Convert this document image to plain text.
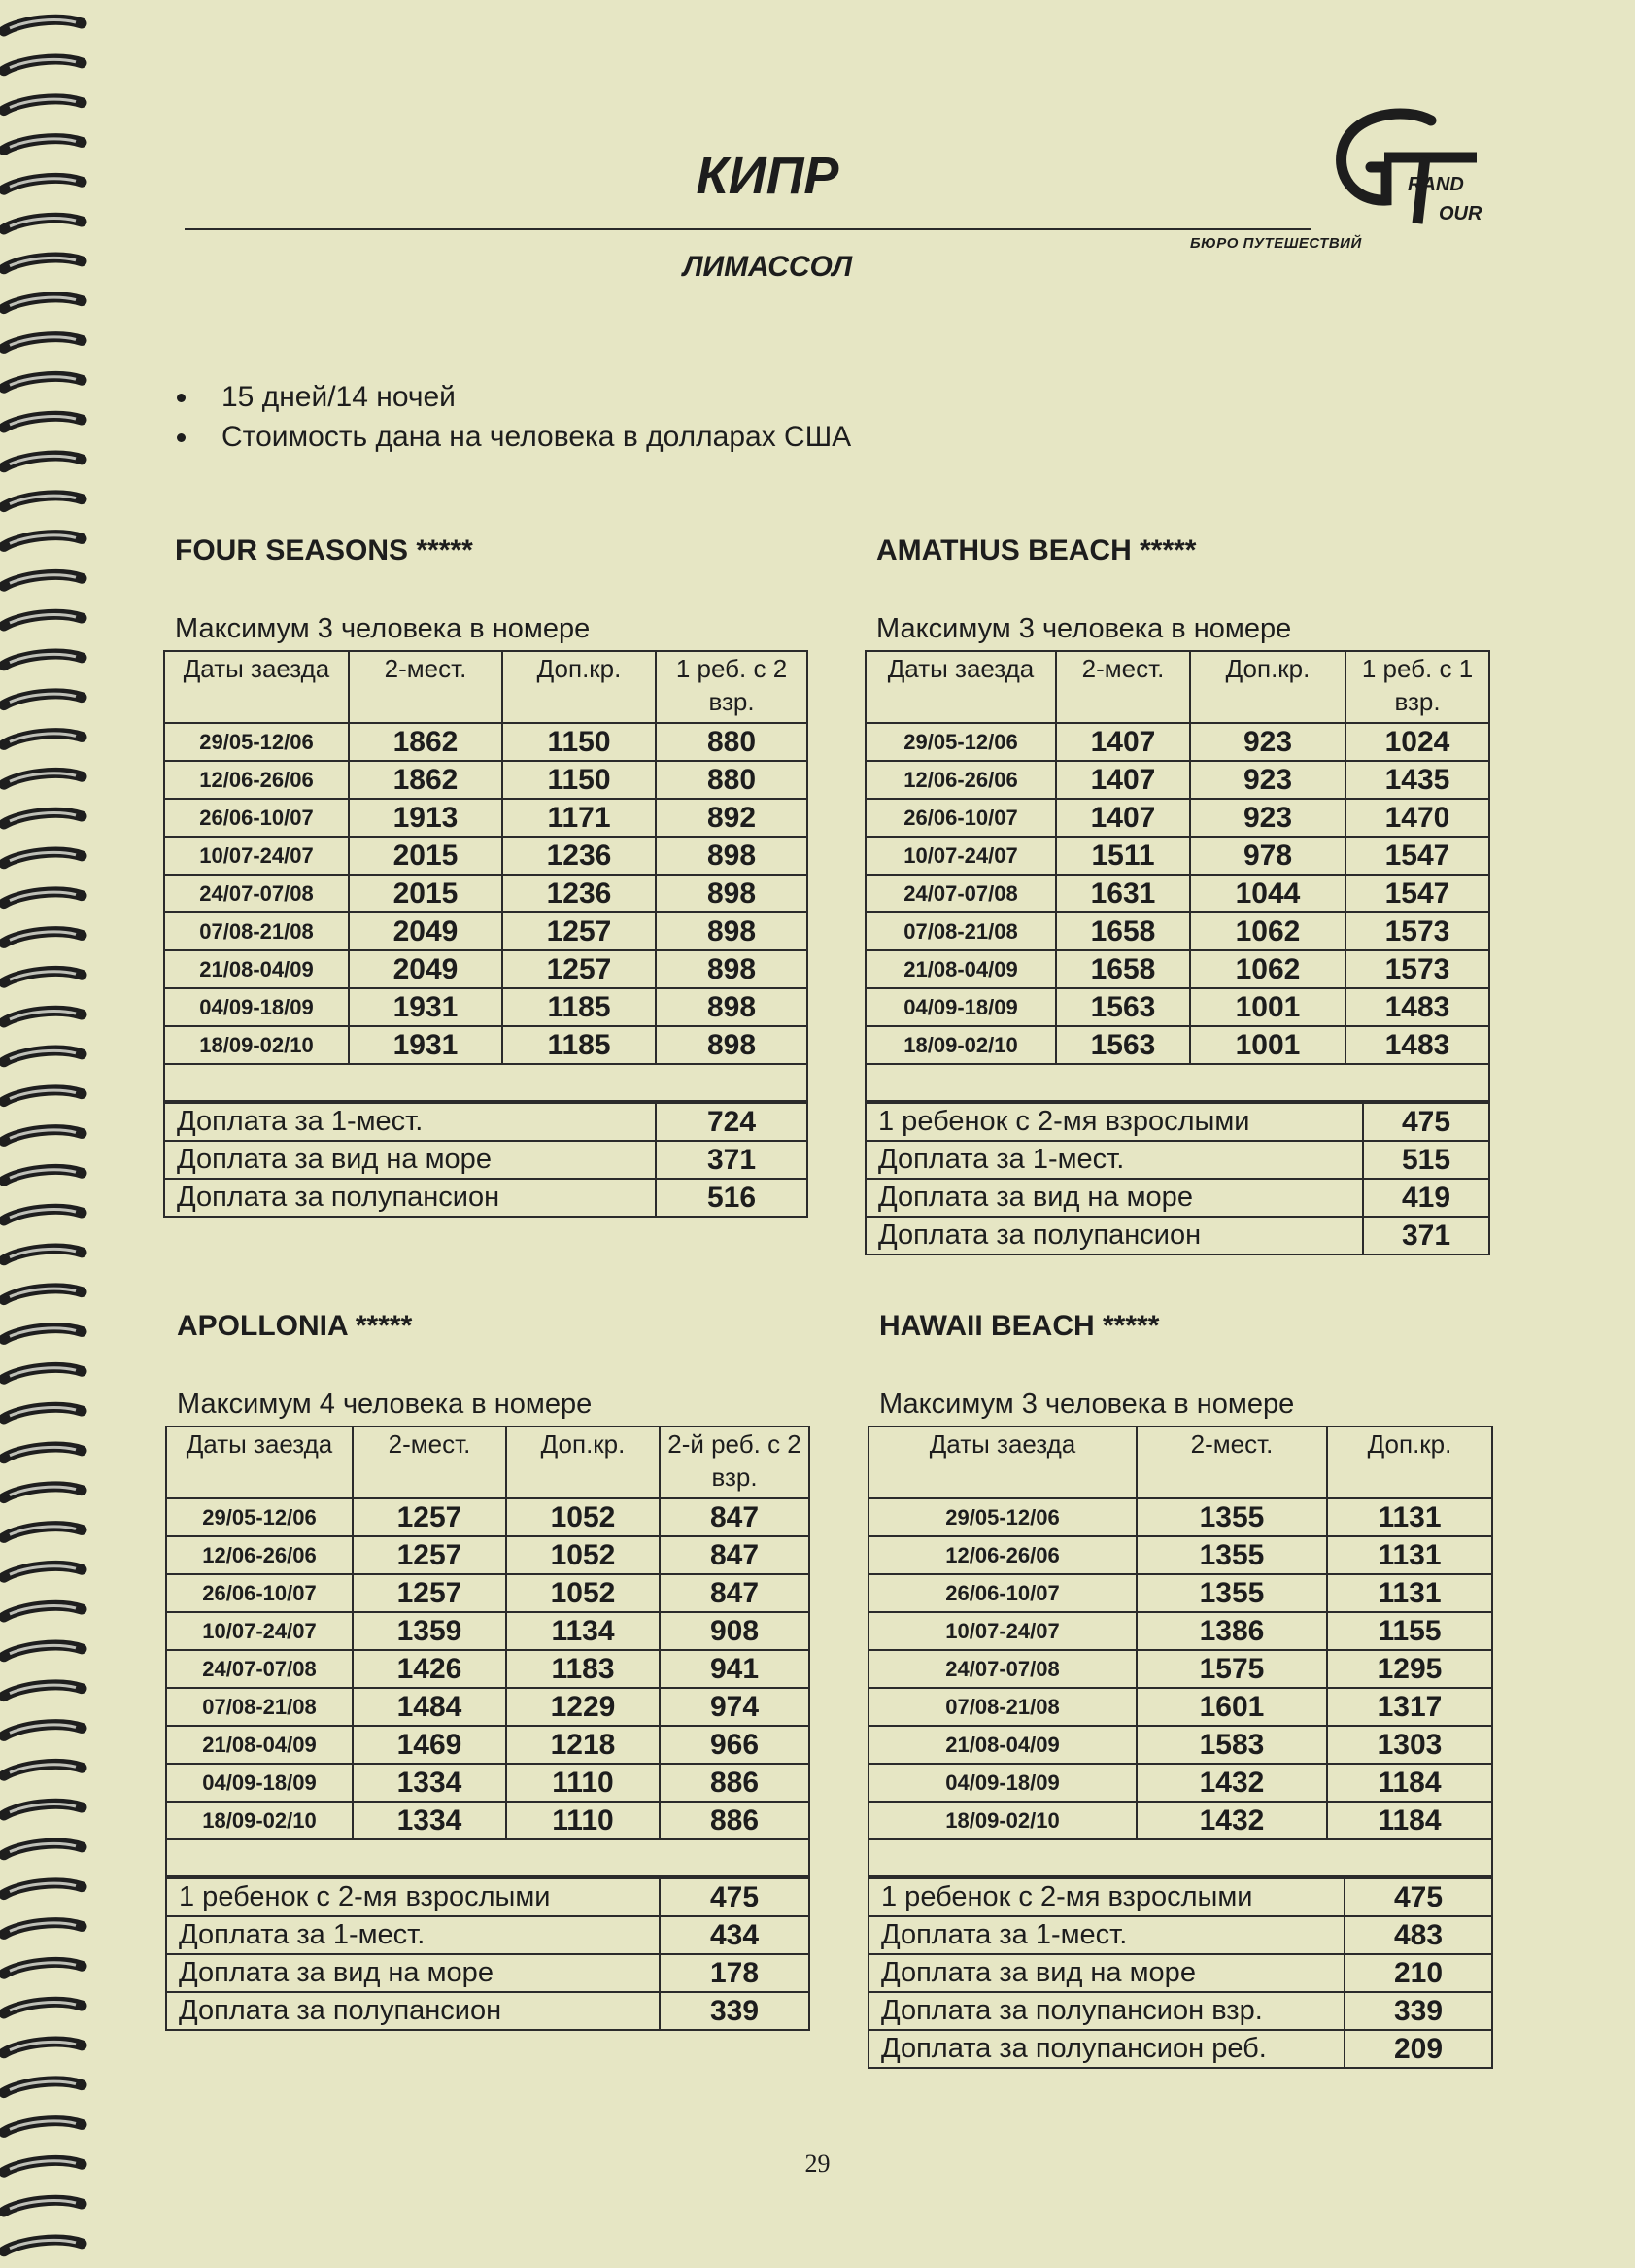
КИПР
ЛИМАССОЛ
RAND
OUR
БЮРО ПУТЕШЕСТВИЙ
15 дней/14 ночей
Стоимость дана на человека в долларах США
FOUR SEASONS *****
Максимум 3 человека в номере
Даты заезда	2-мест.	Доп.кр.	1 реб. с 2 взр.
29/05-12/06	1862	1150	880
12/06-26/06	1862	1150	880
26/06-10/07	1913	1171	892
10/07-24/07	2015	1236	898
24/07-07/08	2015	1236	898
07/08-21/08	2049	1257	898
21/08-04/09	2049	1257	898
04/09-18/09	1931	1185	898
18/09-02/10	1931	1185	898

Доплата за 1-мест.	724
Доплата за вид на море	371
Доплата за полупансион	516
AMATHUS BEACH *****
Максимум 3 человека в номере
Даты заезда	2-мест.	Доп.кр.	1 реб. с 1 взр.
29/05-12/06	1407	923	1024
12/06-26/06	1407	923	1435
26/06-10/07	1407	923	1470
10/07-24/07	1511	978	1547
24/07-07/08	1631	1044	1547
07/08-21/08	1658	1062	1573
21/08-04/09	1658	1062	1573
04/09-18/09	1563	1001	1483
18/09-02/10	1563	1001	1483

1 ребенок с 2-мя взрослыми	475
Доплата за 1-мест.	515
Доплата за вид на море	419
Доплата за полупансион	371
APOLLONIA *****
Максимум 4 человека в номере
Даты заезда	2-мест.	Доп.кр.	2-й реб. с 2 взр.
29/05-12/06	1257	1052	847
12/06-26/06	1257	1052	847
26/06-10/07	1257	1052	847
10/07-24/07	1359	1134	908
24/07-07/08	1426	1183	941
07/08-21/08	1484	1229	974
21/08-04/09	1469	1218	966
04/09-18/09	1334	1110	886
18/09-02/10	1334	1110	886

1 ребенок с 2-мя взрослыми	475
Доплата за 1-мест.	434
Доплата за вид на море	178
Доплата за полупансион	339
HAWAII BEACH *****
Максимум 3 человека в номере
Даты заезда	2-мест.	Доп.кр.
29/05-12/06	1355	1131
12/06-26/06	1355	1131
26/06-10/07	1355	1131
10/07-24/07	1386	1155
24/07-07/08	1575	1295
07/08-21/08	1601	1317
21/08-04/09	1583	1303
04/09-18/09	1432	1184
18/09-02/10	1432	1184

1 ребенок с 2-мя взрослыми	475
Доплата за 1-мест.	483
Доплата за вид на море	210
Доплата за полупансион взр.	339
Доплата за полупансион реб.	209
29
